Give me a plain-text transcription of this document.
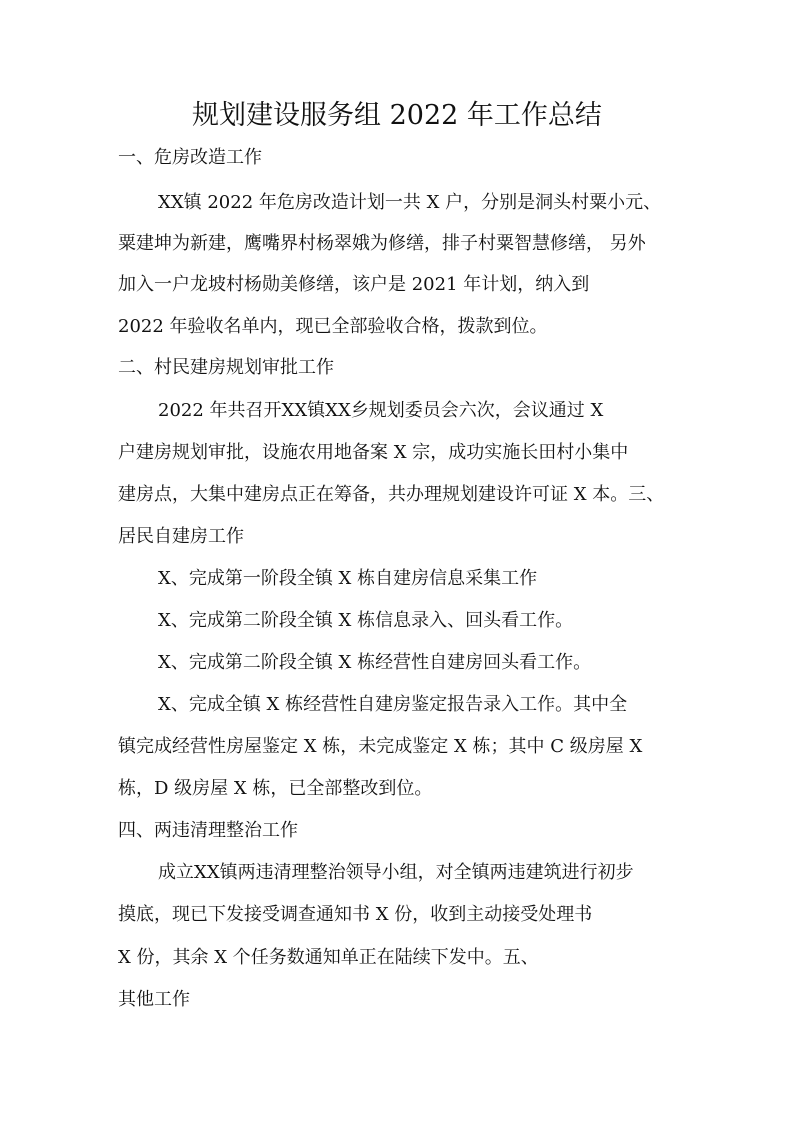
规划建设服务组 2022 年工作总结
一、危房改造工作
XX镇 2022 年危房改造计划一共 X 户，分别是洞头村粟小元、
粟建坤为新建，鹰嘴界村杨翠娥为修缮，排子村粟智慧修缮， 另外
加入一户龙坡村杨勋美修缮，该户是 2021 年计划，纳入到
2022 年验收名单内，现已全部验收合格，拨款到位。
二、村民建房规划审批工作
2022 年共召开XX镇XX乡规划委员会六次，会议通过 X
户建房规划审批，设施农用地备案 X 宗，成功实施长田村小集中
建房点，大集中建房点正在筹备，共办理规划建设许可证 X 本。三、
居民自建房工作
X、完成第一阶段全镇 X 栋自建房信息采集工作
X、完成第二阶段全镇 X 栋信息录入、回头看工作。
X、完成第二阶段全镇 X 栋经营性自建房回头看工作。
X、完成全镇 X 栋经营性自建房鉴定报告录入工作。其中全
镇完成经营性房屋鉴定 X 栋，未完成鉴定 X 栋；其中 C 级房屋 X
栋，D 级房屋 X 栋，已全部整改到位。
四、两违清理整治工作
成立XX镇两违清理整治领导小组，对全镇两违建筑进行初步
摸底，现已下发接受调查通知书 X 份，收到主动接受处理书
X 份，其余 X 个任务数通知单正在陆续下发中。五、
其他工作
